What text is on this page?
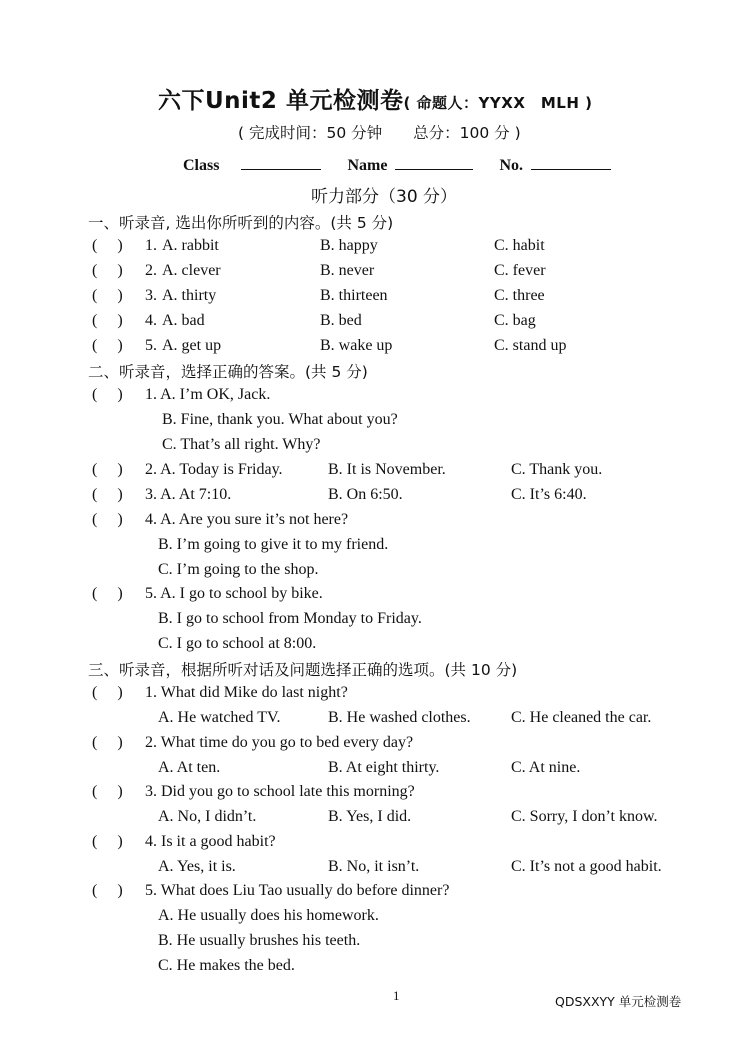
六下Unit2 单元检测卷( 命题人：YYXX　MLH )
( 完成时间：50 分钟　　总分：100 分 )
Class	Name	No.
听力部分（30 分）
一、听录音, 选出你所听到的内容。(共 5 分)
(     ) 1. A. rabbit	B. happy	C. habit
(     ) 2. A. clever	B. never	C. fever
(     ) 3. A. thirty	B. thirteen	C. three
(     ) 4. A. bad	B. bed	C. bag
(     ) 5. A. get up	B. wake up	C. stand up
二、听录音，选择正确的答案。(共 5 分)
(     ) 1. A. I’m OK, Jack.
B. Fine, thank you. What about you?
C. That’s all right. Why?
(     ) 2. A. Today is Friday.	B. It is November.	C. Thank you.
(     ) 3. A. At 7:10.	B. On 6:50.	C. It’s 6:40.
(     ) 4. A. Are you sure it’s not here?
B. I’m going to give it to my friend.
C. I’m going to the shop.
(     ) 5. A. I go to school by bike.
B. I go to school from Monday to Friday.
C. I go to school at 8:00.
三、听录音，根据所听对话及问题选择正确的选项。(共 10 分)
(     ) 1. What did Mike do last night?
A. He watched TV.	B. He washed clothes.	C. He cleaned the car.
(     ) 2. What time do you go to bed every day?
A. At ten.	B. At eight thirty.	C. At nine.
(     ) 3. Did you go to school late this morning?
A. No, I didn’t.	B. Yes, I did.	C. Sorry, I don’t know.
(     ) 4. Is it a good habit?
A. Yes, it is.	B. No, it isn’t.	C. It’s not a good habit.
(     ) 5. What does Liu Tao usually do before dinner?
A. He usually does his homework.
B. He usually brushes his teeth.
C. He makes the bed.
1	QDSXXYY 单元检测卷
